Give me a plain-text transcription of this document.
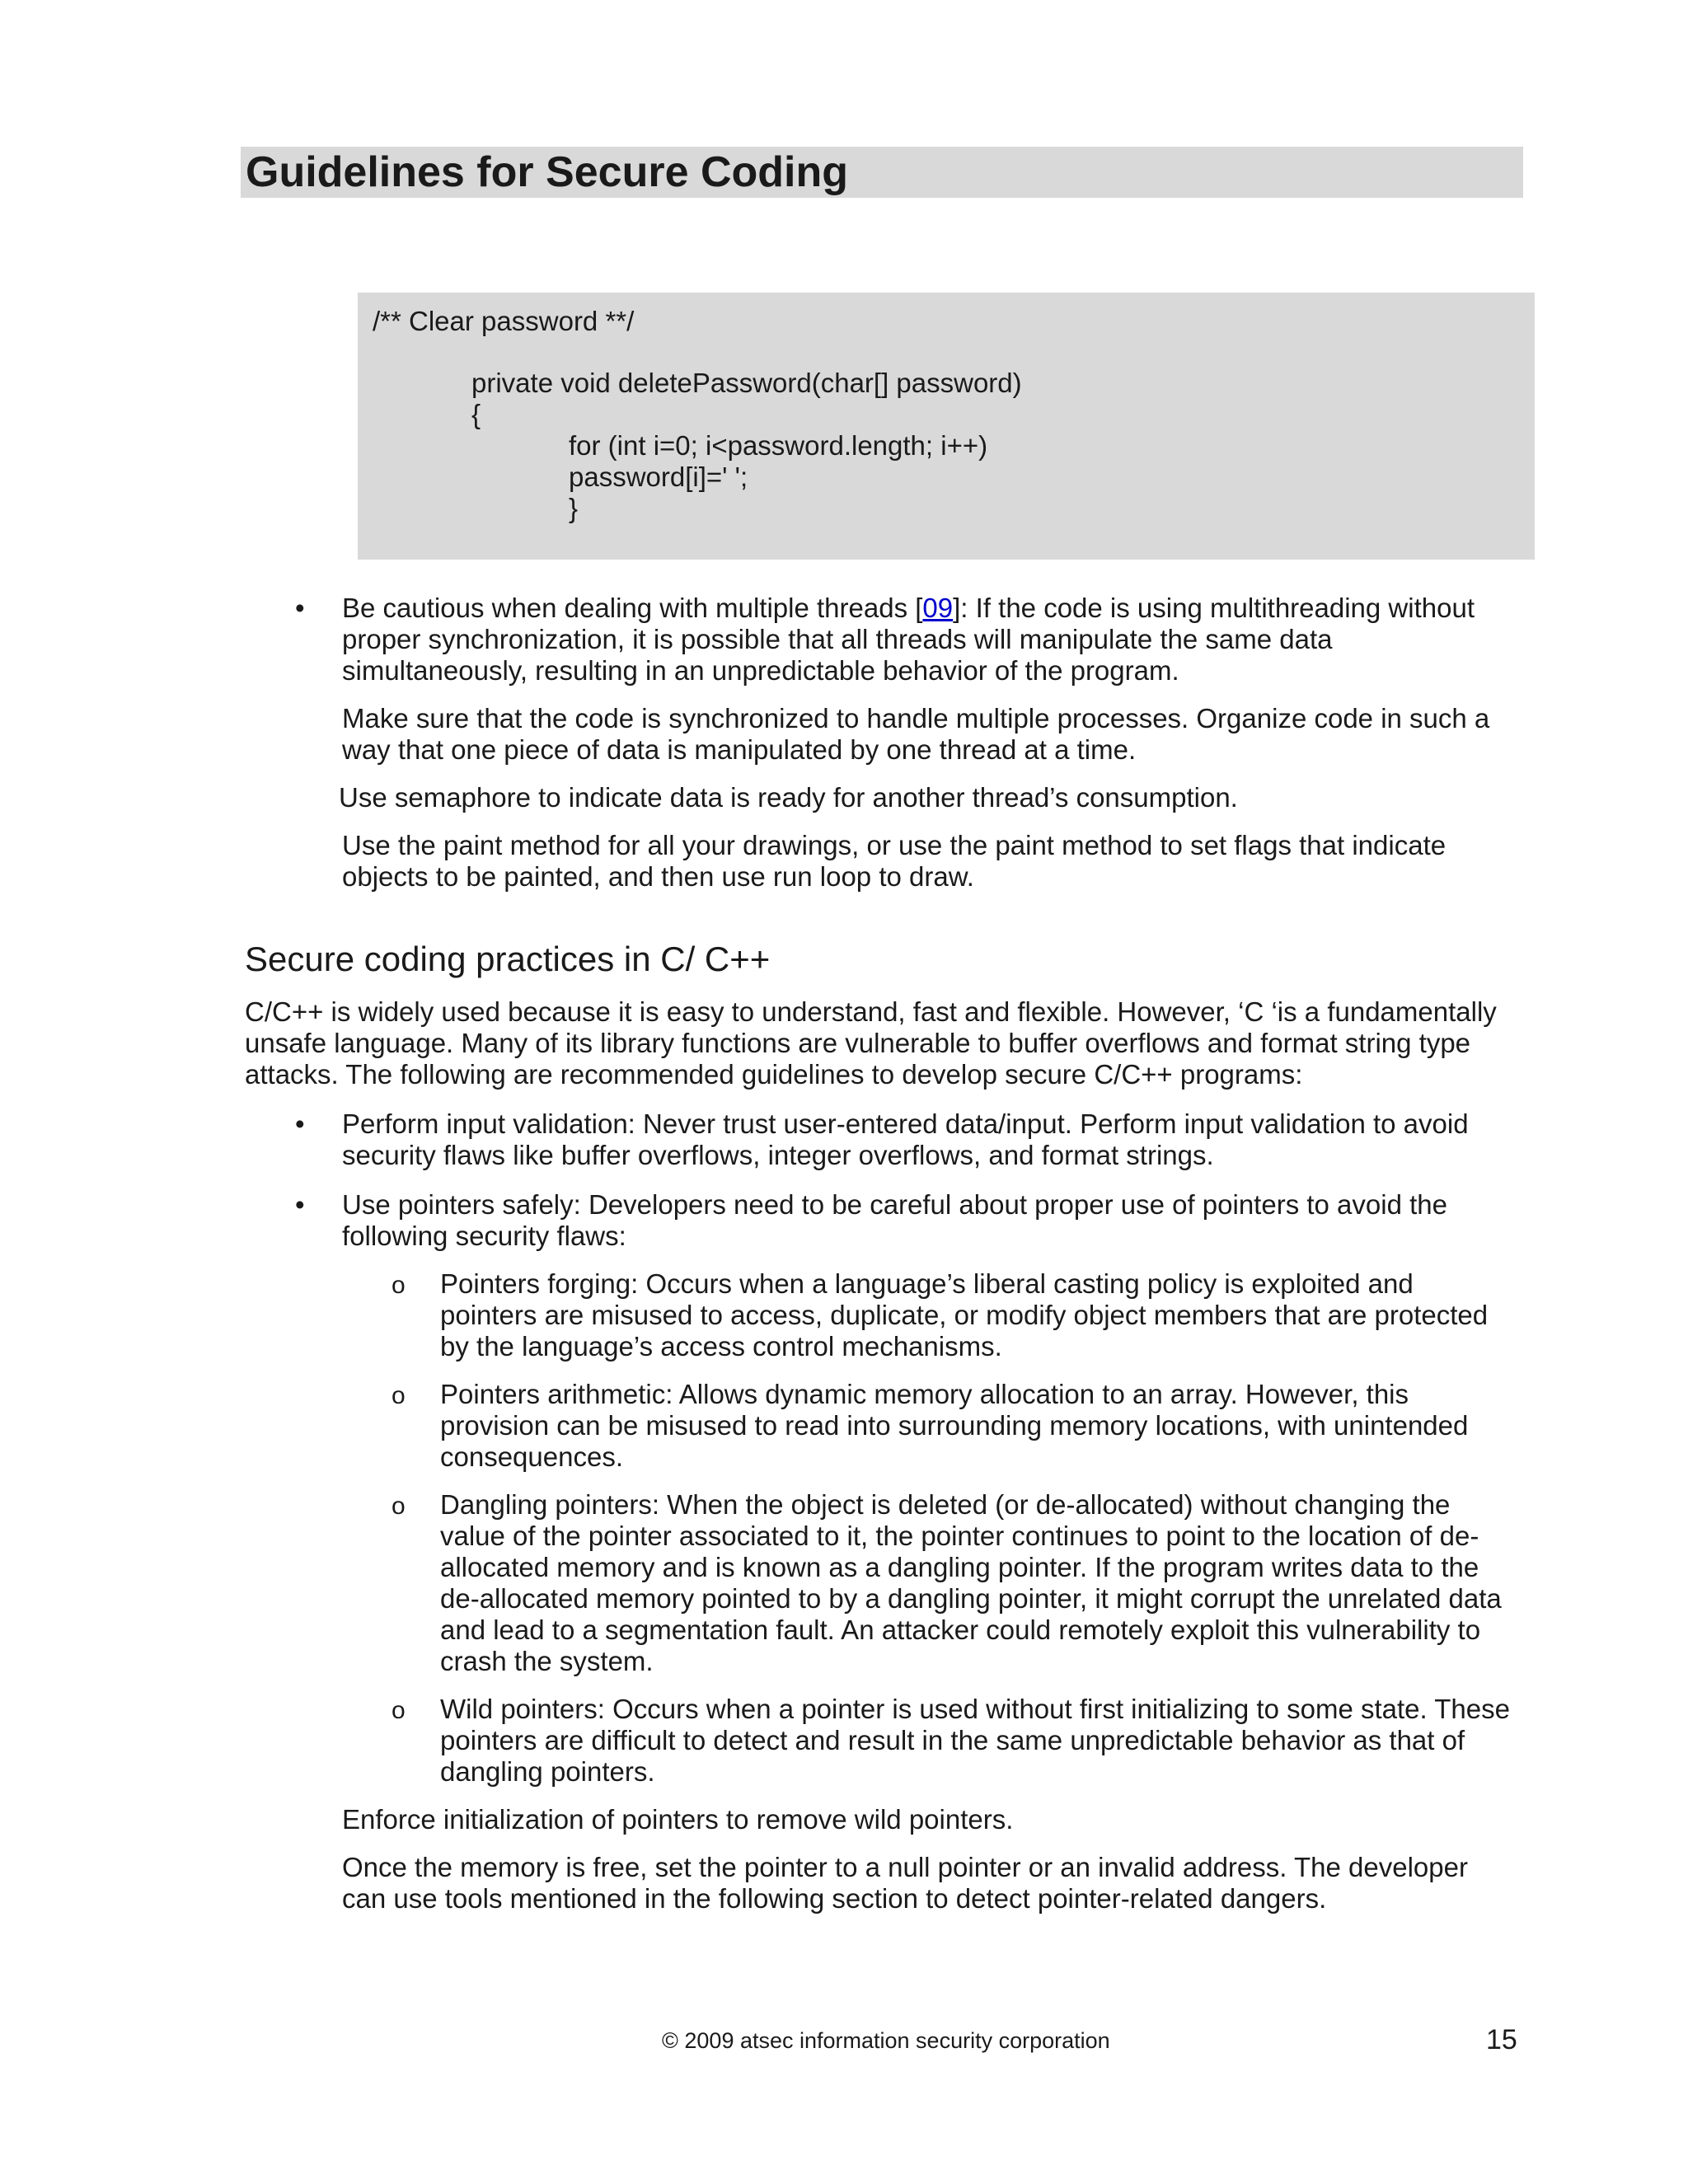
Guidelines for Secure Coding
/** Clear password **/
private void deletePassword(char[] password)
{
for (int i=0; i<password.length; i++)
password[i]=' ';
}
• Be cautious when dealing with multiple threads [09]: If the code is using multithreading without
proper synchronization, it is possible that all threads will manipulate the same data
simultaneously, resulting in an unpredictable behavior of the program.
Make sure that the code is synchronized to handle multiple processes. Organize code in such a
way that one piece of data is manipulated by one thread at a time.
Use semaphore to indicate data is ready for another thread’s consumption.
Use the paint method for all your drawings, or use the paint method to set flags that indicate
objects to be painted, and then use run loop to draw.
Secure coding practices in C/ C++
C/C++ is widely used because it is easy to understand, fast and flexible. However, ‘C ‘is a fundamentally
unsafe language. Many of its library functions are vulnerable to buffer overflows and format string type
attacks. The following are recommended guidelines to develop secure C/C++ programs:
• Perform input validation: Never trust user-entered data/input. Perform input validation to avoid
security flaws like buffer overflows, integer overflows, and format strings.
• Use pointers safely: Developers need to be careful about proper use of pointers to avoid the
following security flaws:
o Pointers forging: Occurs when a language’s liberal casting policy is exploited and
pointers are misused to access, duplicate, or modify object members that are protected
by the language’s access control mechanisms.
o Pointers arithmetic: Allows dynamic memory allocation to an array. However, this
provision can be misused to read into surrounding memory locations, with unintended
consequences.
o Dangling pointers: When the object is deleted (or de-allocated) without changing the
value of the pointer associated to it, the pointer continues to point to the location of de-
allocated memory and is known as a dangling pointer. If the program writes data to the
de-allocated memory pointed to by a dangling pointer, it might corrupt the unrelated data
and lead to a segmentation fault. An attacker could remotely exploit this vulnerability to
crash the system.
o Wild pointers: Occurs when a pointer is used without first initializing to some state. These
pointers are difficult to detect and result in the same unpredictable behavior as that of
dangling pointers.
Enforce initialization of pointers to remove wild pointers.
Once the memory is free, set the pointer to a null pointer or an invalid address. The developer
can use tools mentioned in the following section to detect pointer-related dangers.
© 2009 atsec information security corporation	15
